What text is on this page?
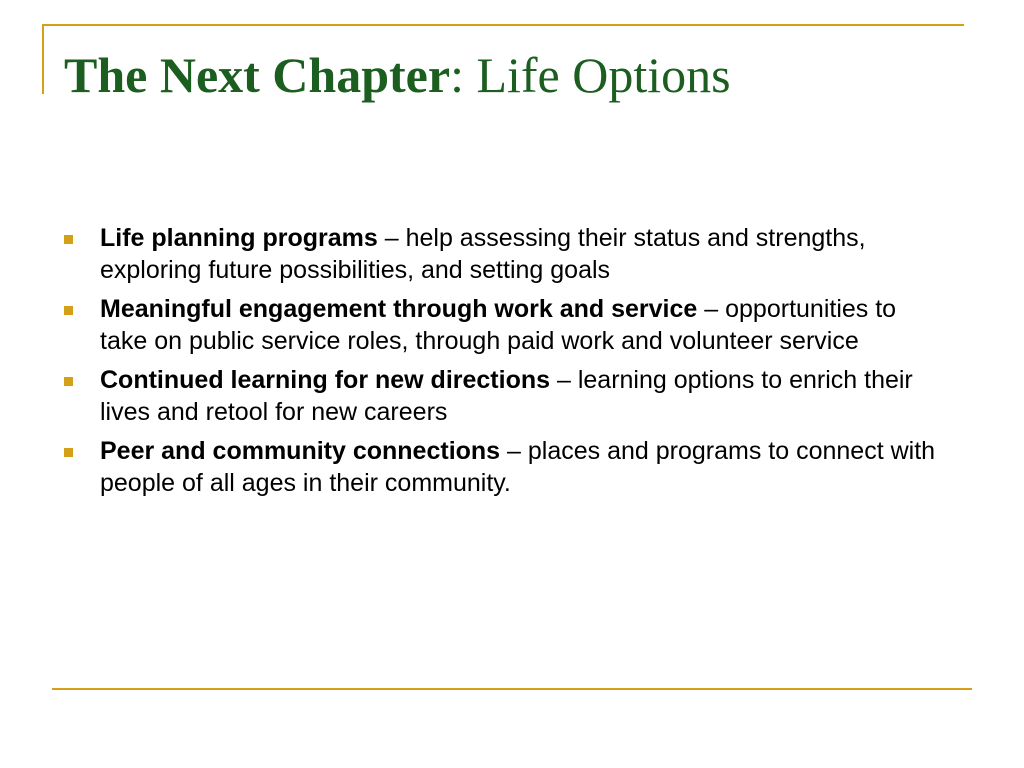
The Next Chapter: Life Options
Life planning programs – help assessing their status and strengths, exploring future possibilities, and setting goals
Meaningful engagement through work and service – opportunities to take on public service roles, through paid work and volunteer service
Continued learning for new directions – learning options to enrich their lives and retool for new careers
Peer and community connections – places and programs to connect with people of all ages in their community.
